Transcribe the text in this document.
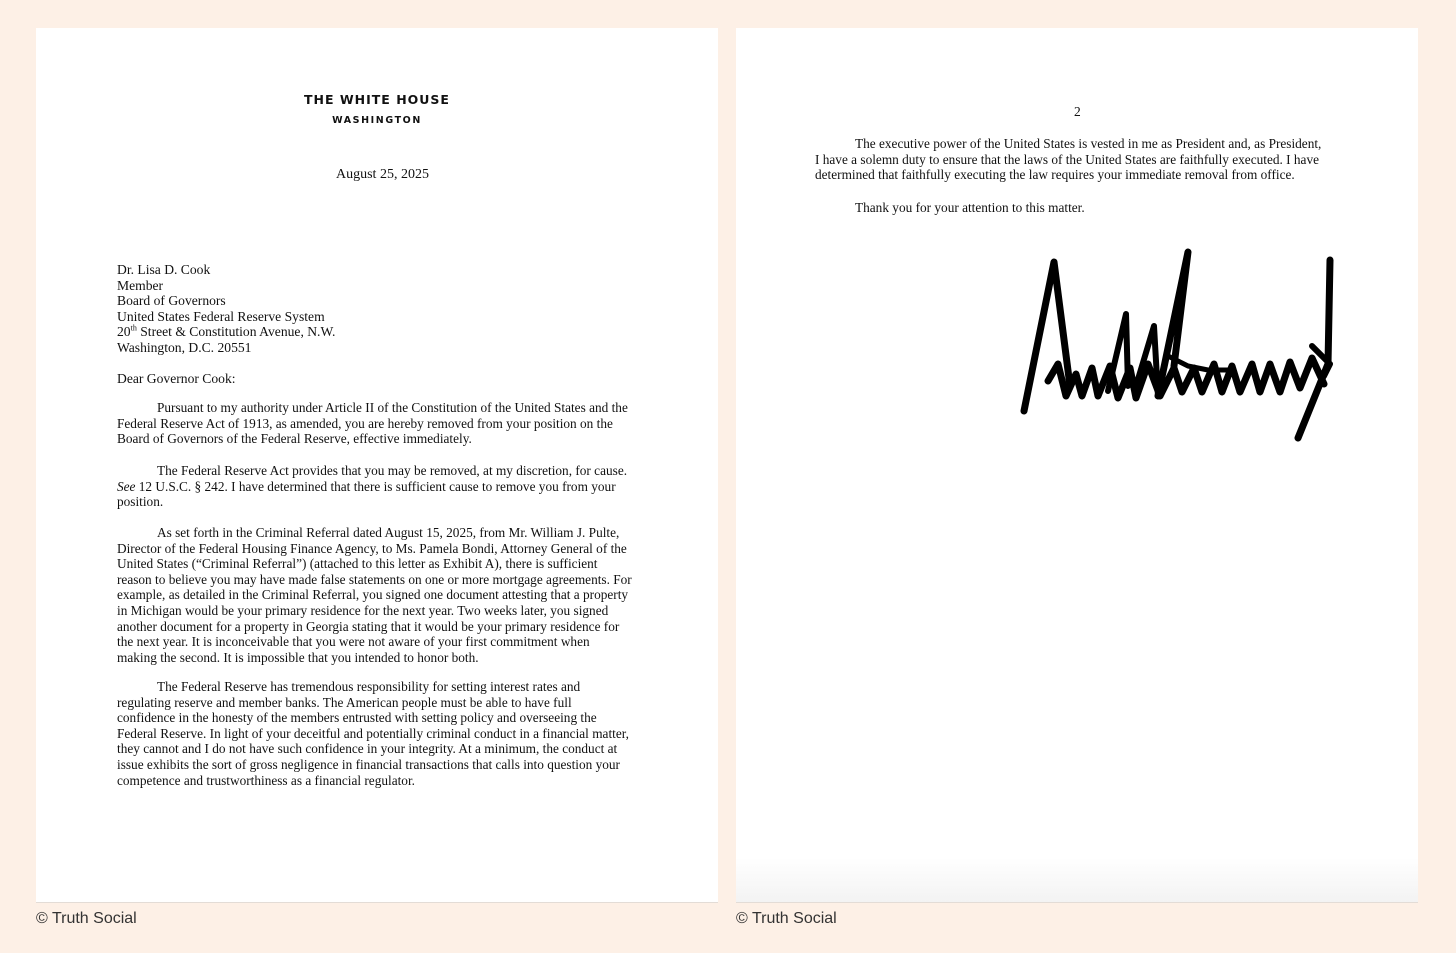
THE WHITE HOUSE
WASHINGTON
August 25, 2025
Dr. Lisa D. Cook
Member
Board of Governors
United States Federal Reserve System
20th Street & Constitution Avenue, N.W.
Washington, D.C. 20551
Dear Governor Cook:
Pursuant to my authority under Article II of the Constitution of the United States and the
Federal Reserve Act of 1913, as amended, you are hereby removed from your position on the
Board of Governors of the Federal Reserve, effective immediately.
The Federal Reserve Act provides that you may be removed, at my discretion, for cause.
See 12 U.S.C. § 242. I have determined that there is sufficient cause to remove you from your
position.
As set forth in the Criminal Referral dated August 15, 2025, from Mr. William J. Pulte,
Director of the Federal Housing Finance Agency, to Ms. Pamela Bondi, Attorney General of the
United States (“Criminal Referral”) (attached to this letter as Exhibit A), there is sufficient
reason to believe you may have made false statements on one or more mortgage agreements. For
example, as detailed in the Criminal Referral, you signed one document attesting that a property
in Michigan would be your primary residence for the next year. Two weeks later, you signed
another document for a property in Georgia stating that it would be your primary residence for
the next year. It is inconceivable that you were not aware of your first commitment when
making the second. It is impossible that you intended to honor both.
The Federal Reserve has tremendous responsibility for setting interest rates and
regulating reserve and member banks. The American people must be able to have full
confidence in the honesty of the members entrusted with setting policy and overseeing the
Federal Reserve. In light of your deceitful and potentially criminal conduct in a financial matter,
they cannot and I do not have such confidence in your integrity. At a minimum, the conduct at
issue exhibits the sort of gross negligence in financial transactions that calls into question your
competence and trustworthiness as a financial regulator.
© Truth Social
2
The executive power of the United States is vested in me as President and, as President,
I have a solemn duty to ensure that the laws of the United States are faithfully executed. I have
determined that faithfully executing the law requires your immediate removal from office.
Thank you for your attention to this matter.
© Truth Social
